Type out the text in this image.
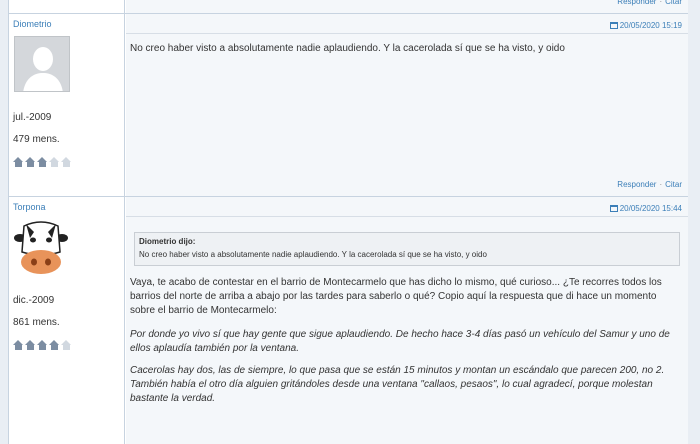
Responder · Citar
Diometrio
jul.-2009
479 mens.
20/05/2020 15:19
No creo haber visto a absolutamente nadie aplaudiendo. Y la cacerolada sí que se ha visto, y oido
Responder · Citar
Torpona
dic.-2009
861 mens.
20/05/2020 15:44
Diometrio dijo:
No creo haber visto a absolutamente nadie aplaudiendo. Y la cacerolada sí que se ha visto, y oido
Vaya, te acabo de contestar en el barrio de Montecarmelo que has dicho lo mismo, qué curioso... ¿Te recorres todos los barrios del norte de arriba a abajo por las tardes para saberlo o qué? Copio aquí la respuesta que di hace un momento sobre el barrio de Montecarmelo:
Por donde yo vivo sí que hay gente que sigue aplaudiendo. De hecho hace 3-4 días pasó un vehículo del Samur y uno de ellos aplaudía también por la ventana.
Cacerolas hay dos, las de siempre, lo que pasa que se están 15 minutos y montan un escándalo que parecen 200, no 2. También había el otro día alguien gritándoles desde una ventana "callaos, pesaos", lo cual agradecí, porque molestan bastante la verdad.
